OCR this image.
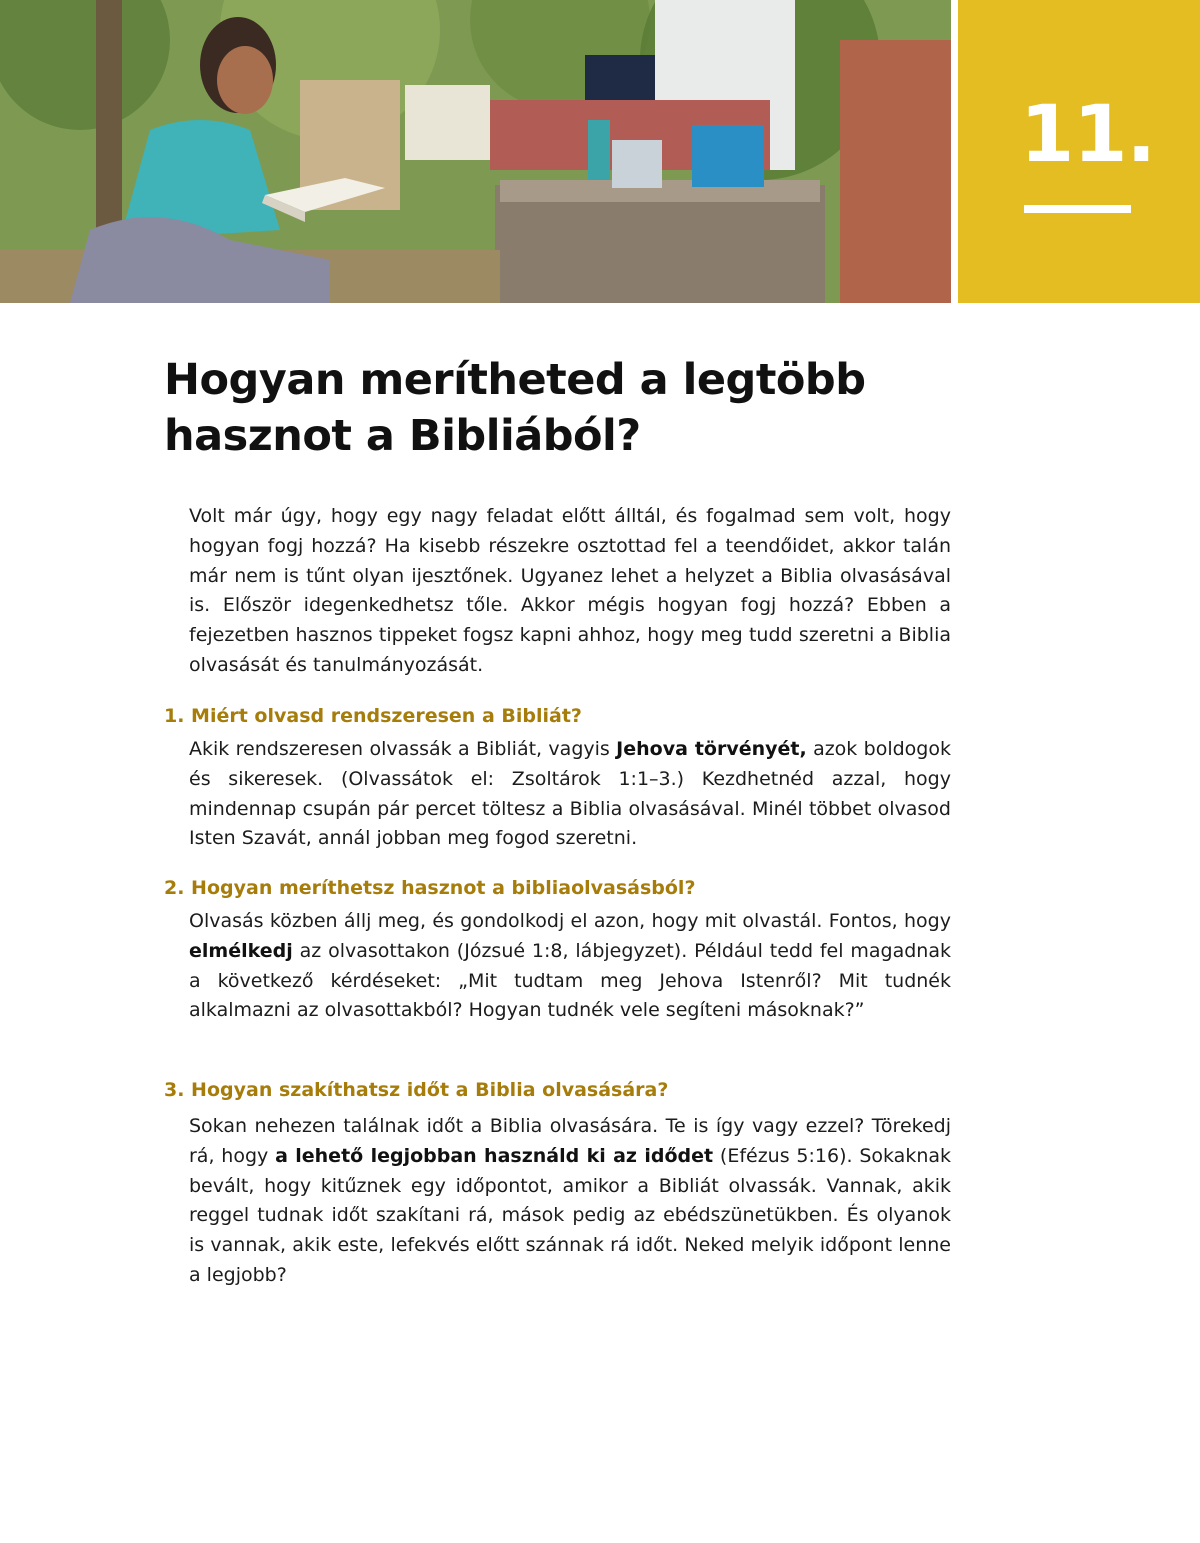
11.
Hogyan merítheted a legtöbb
hasznot a Bibliából?

Volt már úgy, hogy egy nagy feladat előtt álltál, és fogalmad sem volt, hogy hogyan fogj hozzá? Ha kisebb részekre osztottad fel a teendőidet, akkor talán már nem is tűnt olyan ijesztőnek. Ugyanez lehet a helyzet a Biblia olvasásával is. Először idegenkedhetsz tőle. Akkor mégis hogyan fogj hozzá? Ebben a fejezetben hasznos tippeket fogsz kapni ahhoz, hogy meg tudd szeretni a Biblia olvasását és tanulmányozását.

1. Miért olvasd rendszeresen a Bibliát?

Akik rendszeresen olvassák a Bibliát, vagyis Jehova törvényét, azok boldogok és sikeresek. (Olvassátok el: Zsoltárok 1:1–3.) Kezdhetnéd azzal, hogy mindennap csupán pár percet töltesz a Biblia olvasásával. Minél többet olvasod Isten Szavát, annál jobban meg fogod szeretni.

2. Hogyan meríthetsz hasznot a bibliaolvasásból?

Olvasás közben állj meg, és gondolkodj el azon, hogy mit olvastál. Fontos, hogy elmélkedj az olvasottakon (Józsué 1:8, lábjegyzet). Például tedd fel magadnak a következő kérdéseket: „Mit tudtam meg Jehova Istenről? Mit tudnék alkalmazni az olvasottakból? Hogyan tudnék vele segíteni másoknak?”

3. Hogyan szakíthatsz időt a Biblia olvasására?

Sokan nehezen találnak időt a Biblia olvasására. Te is így vagy ezzel? Törekedj rá, hogy a lehető legjobban használd ki az idődet (Efézus 5:16). Sokaknak bevált, hogy kitűznek egy időpontot, amikor a Bibliát olvassák. Vannak, akik reggel tudnak időt szakítani rá, mások pedig az ebédszünetükben. És olyanok is vannak, akik este, lefekvés előtt szánnak rá időt. Neked melyik időpont lenne a legjobb?
